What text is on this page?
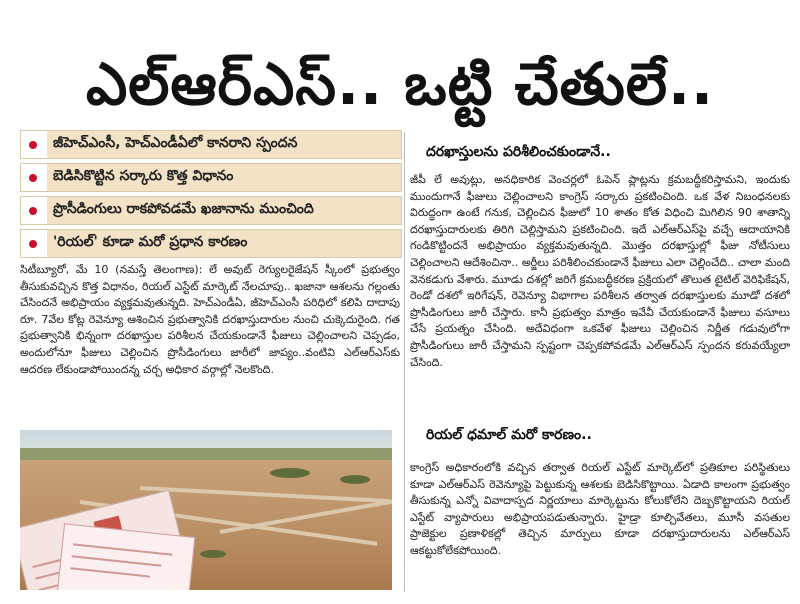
ఎల్‌ఆర్‌ఎస్‌.. ఒట్టి చేతులే..
జీహెచ్‌ఎంసీ, హెచ్‌ఎండీఏలో కానరాని స్పందన
బెడిసికొట్టిన సర్కారు కొత్త విధానం
ప్రొసీడింగులు రాకపోవడమే ఖజానాను ముంచింది
'రియల్‌' కూడా మరో ప్రధాన కారణం
సిటీబ్యూరో, మే 10 (నమస్తే తెలంగాణ): లే అవుట్‌ రెగ్యులరైజేషన్‌ స్కీంలో ప్రభుత్వం తీసుకువచ్చిన కొత్త విధానం, రియల్‌ ఎస్టేట్‌ మార్కెట్‌ నేలచూపు.. ఖజానా ఆశలను గల్లంతు చేసిందనే అభిప్రాయం వ్యక్తమవుతున్నది. హెచ్‌ఎండీఏ, జీహెచ్‌ఎంసీ పరిధిలో కలిపి దాదాపు రూ. 7వేల కోట్ల రెవెన్యూ ఆశించిన ప్రభుత్వానికి దరఖాస్తుదారుల నుంచి చుక్కెదురైంది. గత ప్రభుత్వానికి భిన్నంగా దరఖాస్తుల పరిశీలన చేయకుండానే ఫీజులు చెల్లించాలని చెప్పడం, అందులోనూ ఫీజులు చెల్లించిన ప్రొసీడింగులు జారీలో జాప్యం..వంటివి ఎల్‌ఆర్‌ఎస్‌కు ఆదరణ లేకుండాపోయిందన్న చర్చ అధికార వర్గాల్లో నెలకొంది.
దరఖాస్తులను పరిశీలించకుండానే..
జీపీ లే అవుట్లు, అనధికారిక వెంచర్లలో ఓపెన్‌ ప్లాట్లను క్రమబద్ధీకరిస్తామని, ఇందుకు ముందుగానే ఫీజులు చెల్లించాలని కాంగ్రెస్‌ సర్కారు ప్రకటించింది. ఒక వేళ నిబంధనలకు విరుద్ధంగా ఉంటే గనుక, చెల్లించిన ఫీజులో 10 శాతం కోత విధించి మిగిలిన 90 శాతాన్ని దరఖాస్తుదారులకు తిరిగి చెల్లిస్తామని ప్రకటించింది. ఇదే ఎల్‌ఆర్‌ఎస్‌పై వచ్చే ఆదాయానికి గండికొట్టిందనే అభిప్రాయం వ్యక్తమవుతున్నది. మొత్తం దరఖాస్తుల్లో ఫీజు నోటీసులు చెల్లించాలని ఆదేశించినా.. అర్జీలు పరిశీలించకుండానే ఫీజులు ఎలా చెల్లించేది.. చాలా మంది వెనకడుగు వేశారు. మూడు దశల్లో జరిగే క్రమబద్ధీకరణ ప్రక్రియలో తొలుత టైటిల్‌ వెరిఫికేషన్‌, రెండో దశలో ఇరిగేషన్‌, రెవెన్యూ విభాగాల పరిశీలన తర్వాత దరఖాస్తులకు మూడో దశలో ప్రొసీడింగులు జారీ చేస్తారు. కానీ ప్రభుత్వం మాత్రం ఇవేవీ చేయకుండానే ఫీజులు వసూలు చేసే ప్రయత్నం చేసింది. అదేవిధంగా ఒకవేళ ఫీజులు చెల్లించిన నిర్ణీత గడువులోగా ప్రొసీడింగులు జారీ చేస్తామని స్పష్టంగా చెప్పకపోవడమే ఎల్‌ఆర్‌ఎస్‌ స్పందన కరువయ్యేలా చేసింది.
రియల్‌ ధమాల్‌ మరో కారణం..
కాంగ్రెస్‌ అధికారంలోకి వచ్చిన తర్వాత రియల్‌ ఎస్టేట్‌ మార్కెట్‌లో ప్రతికూల పరిస్థితులు కూడా ఎల్‌ఆర్‌ఎస్‌ రెవెన్యూపై పెట్టుకున్న ఆశలకు బెడిసికొట్టాయి. ఏడాది కాలంగా ప్రభుత్వం తీసుకున్న ఎన్నో వివాదాస్పద నిర్ణయాలు మార్కెట్టును కోలుకోలేని దెబ్బకొట్టాయని రియల్‌ ఎస్టేట్‌ వ్యాపారులు అభిప్రాయపడుతున్నారు. హైడ్రా కూల్చివేతలు, మూసీ వసతుల ప్రాజెక్టుల ప్రణాళికల్లో తెచ్చిన మార్పులు కూడా దరఖాస్తుదారులను ఎల్‌ఆర్‌ఎస్‌ ఆకట్టుకోలేకపోయింది.
